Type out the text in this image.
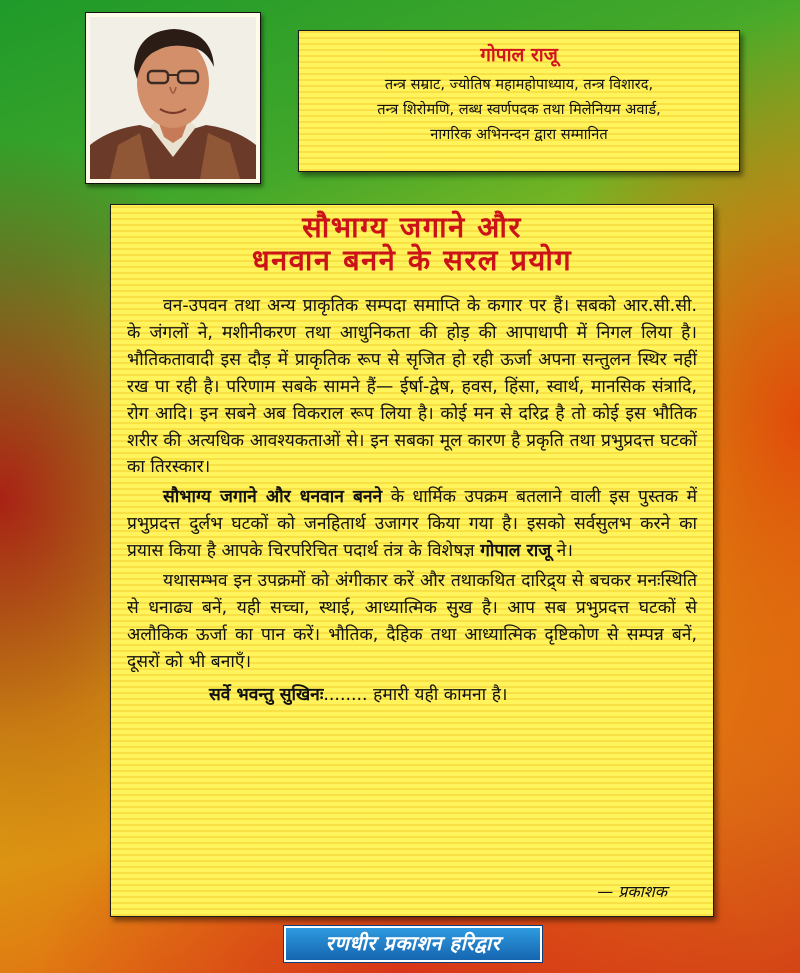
गोपाल राजू
तन्त्र सम्राट, ज्योतिष महामहोपाध्याय, तन्त्र विशारद,
तन्त्र शिरोमणि, लब्ध स्वर्णपदक तथा मिलेनियम अवार्ड,
नागरिक अभिनन्दन द्वारा सम्मानित
सौभाग्य जगाने और
धनवान बनने के सरल प्रयोग

वन-उपवन तथा अन्य प्राकृतिक सम्पदा समाप्ति के कगार पर हैं। सबको आर.सी.सी. के जंगलों ने, मशीनीकरण तथा आधुनिकता की होड़ की आपाधापी में निगल लिया है। भौतिकतावादी इस दौड़ में प्राकृतिक रूप से सृजित हो रही ऊर्जा अपना सन्तुलन स्थिर नहीं रख पा रही है। परिणाम सबके सामने हैं— ईर्षा-द्वेष, हवस, हिंसा, स्वार्थ, मानसिक संत्रादि, रोग आदि। इन सबने अब विकराल रूप लिया है। कोई मन से दरिद्र है तो कोई इस भौतिक शरीर की अत्यधिक आवश्यकताओं से। इन सबका मूल कारण है प्रकृति तथा प्रभुप्रदत्त घटकों का तिरस्कार।

सौभाग्य जगाने और धनवान बनने के धार्मिक उपक्रम बतलाने वाली इस पुस्तक में प्रभुप्रदत्त दुर्लभ घटकों को जनहितार्थ उजागर किया गया है। इसको सर्वसुलभ करने का प्रयास किया है आपके चिरपरिचित पदार्थ तंत्र के विशेषज्ञ गोपाल राजू ने।

यथासम्भव इन उपक्रमों को अंगीकार करें और तथाकथित दारिद्र्य से बचकर मनःस्थिति से धनाढ्य बनें, यही सच्चा, स्थाई, आध्यात्मिक सुख है। आप सब प्रभुप्रदत्त घटकों से अलौकिक ऊर्जा का पान करें। भौतिक, दैहिक तथा आध्यात्मिक दृष्टिकोण से सम्पन्न बनें, दूसरों को भी बनाएँ।

सर्वे भवन्तु सुखिनः........ हमारी यही कामना है।
— प्रकाशक
रणधीर प्रकाशन हरिद्वार
